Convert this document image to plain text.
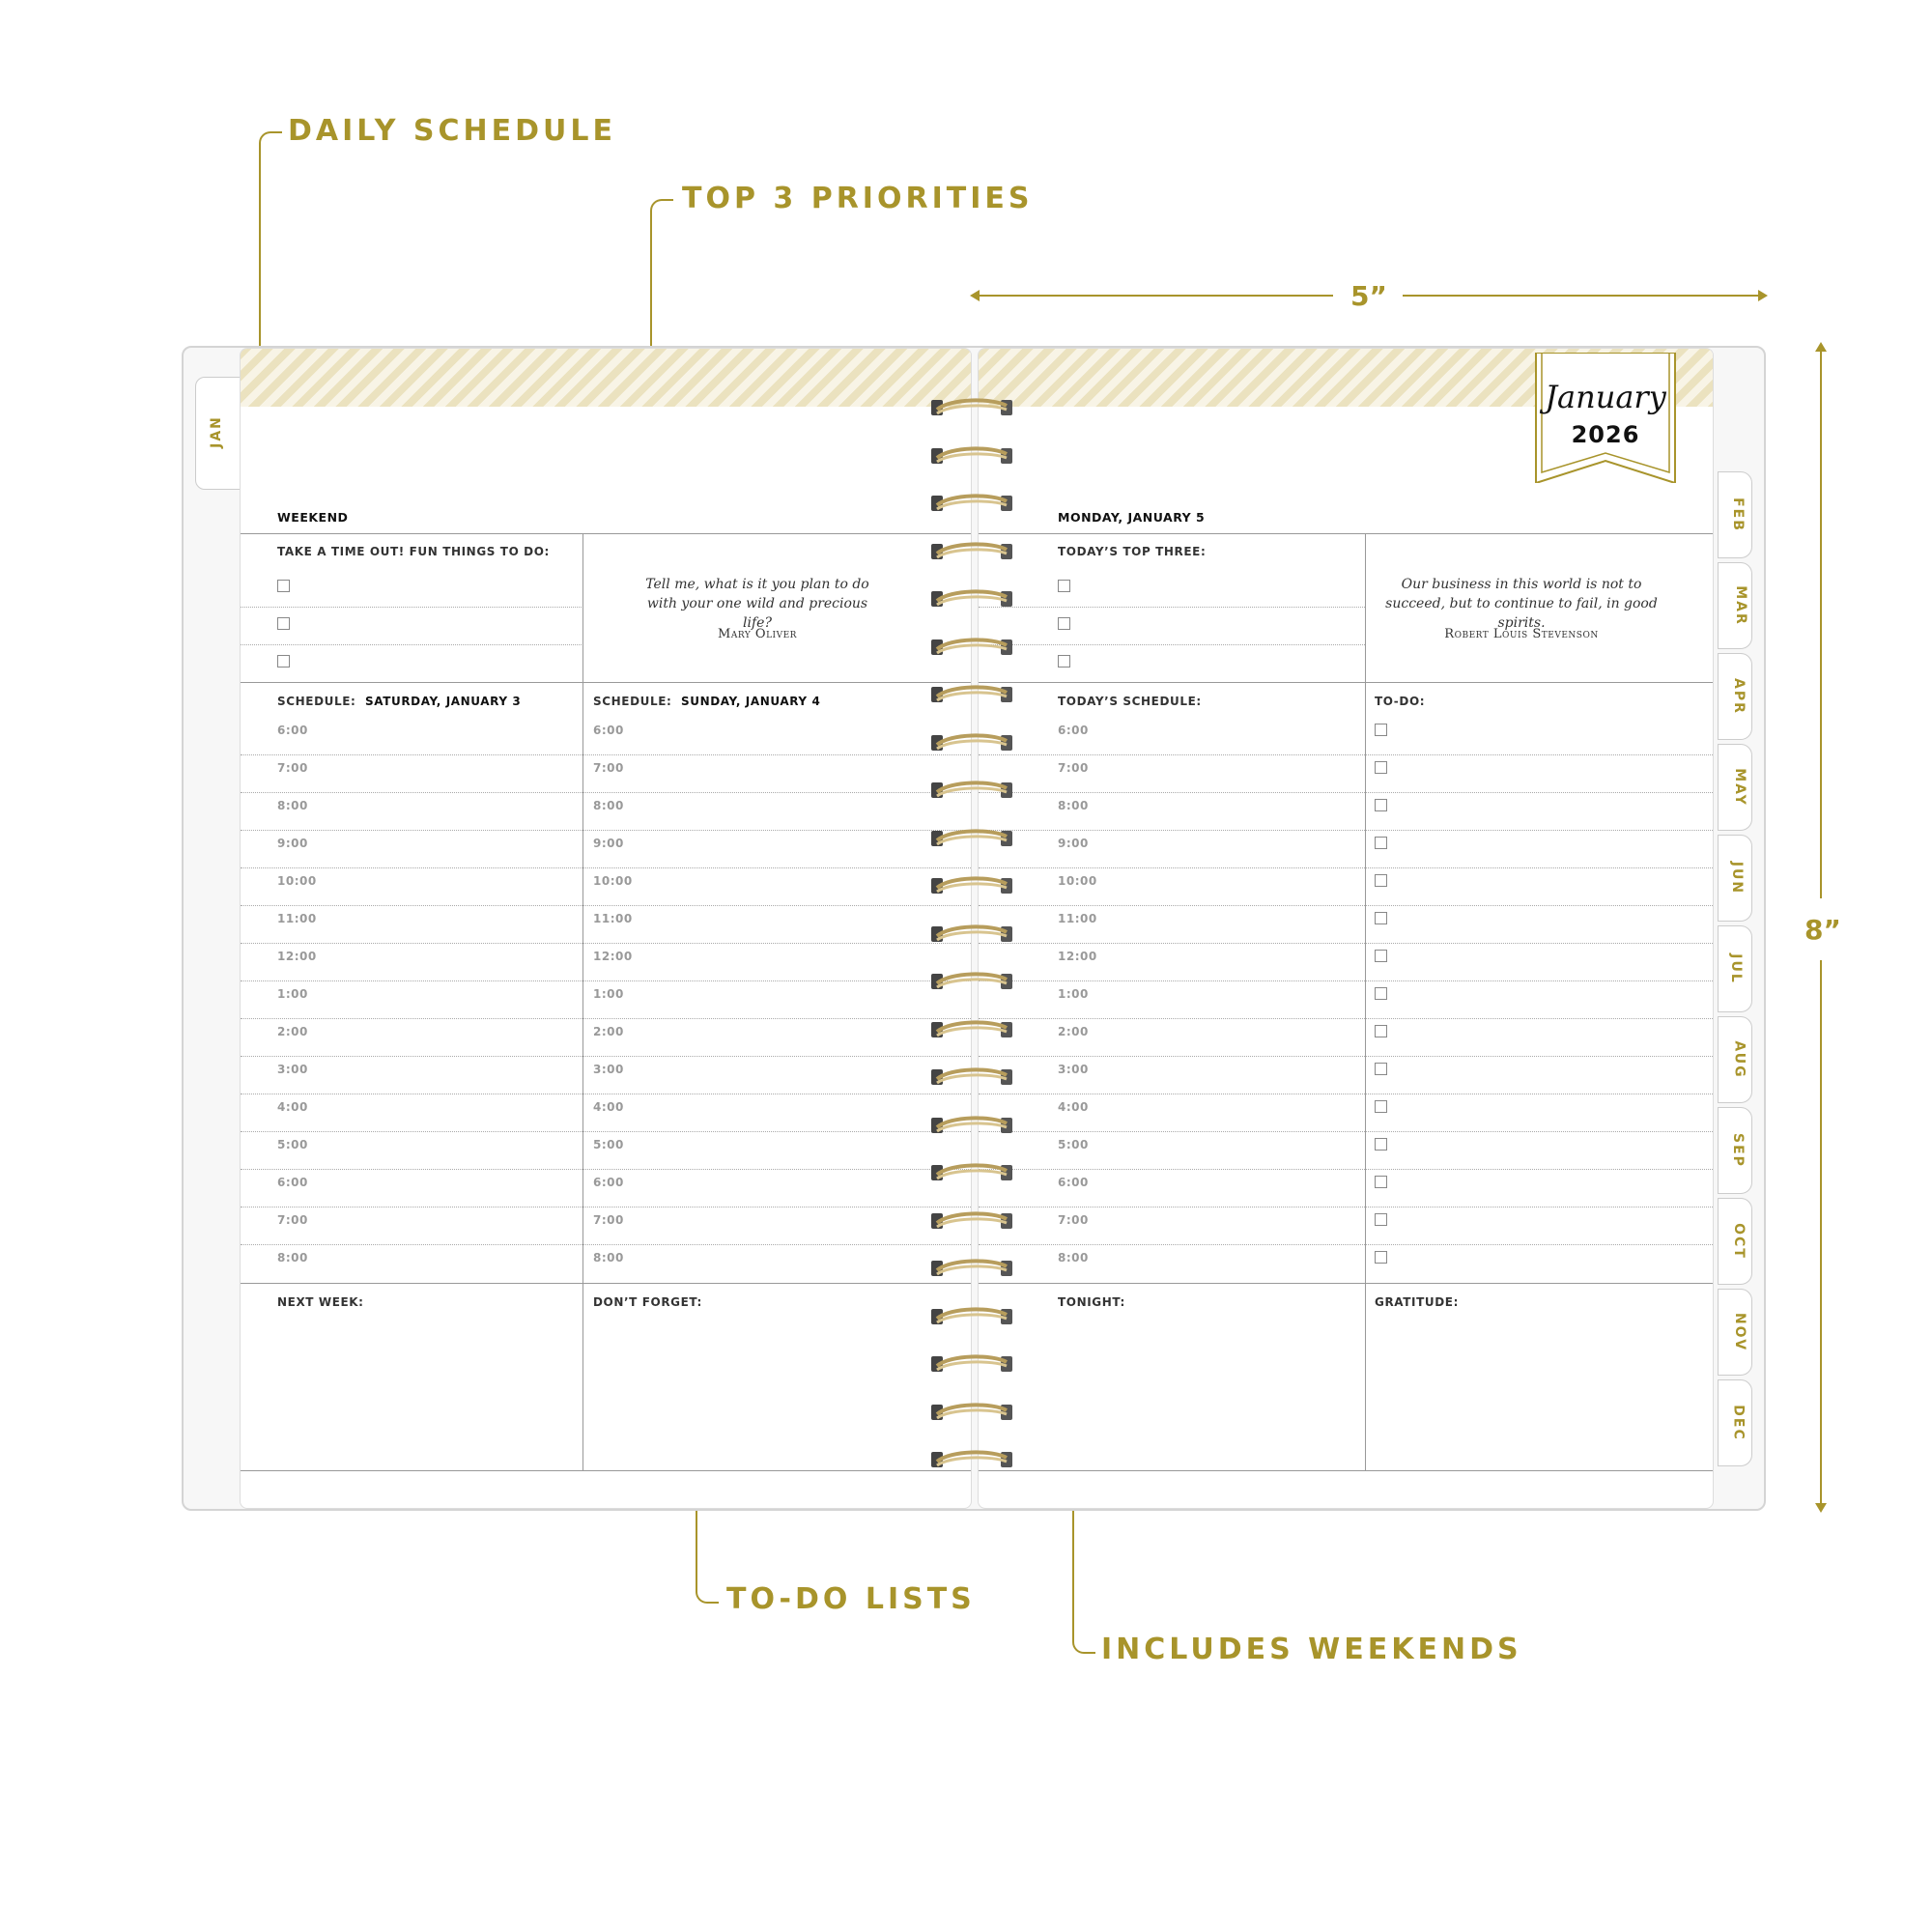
DAILY SCHEDULE
TOP 3 PRIORITIES
TO-DO LISTS
INCLUDES WEEKENDS
5”
8”
JAN
WEEKEND
TAKE A TIME OUT! FUN THINGS TO DO:
Tell me, what is it you plan to do with your one wild and precious life?
Mary Oliver
SCHEDULE: SATURDAY, JANUARY 3	SCHEDULE: SUNDAY, JANUARY 4
6:00	6:00
7:00	7:00
8:00	8:00
9:00	9:00
10:00	10:00
11:00	11:00
12:00	12:00
1:00	1:00
2:00	2:00
3:00	3:00
4:00	4:00
5:00	5:00
6:00	6:00
7:00	7:00
8:00	8:00
NEXT WEEK:	DON’T FORGET:
MONDAY, JANUARY 5
TODAY’S TOP THREE:
Our business in this world is not to succeed, but to continue to fail, in good spirits.
Robert Louis Stevenson
TODAY’S SCHEDULE:	TO-DO:
6:00
7:00
8:00
9:00
10:00
11:00
12:00
1:00
2:00
3:00
4:00
5:00
6:00
7:00
8:00
TONIGHT:	GRATITUDE:
January
2026
FEB
MAR
APR
MAY
JUN
JUL
AUG
SEP
OCT
NOV
DEC
